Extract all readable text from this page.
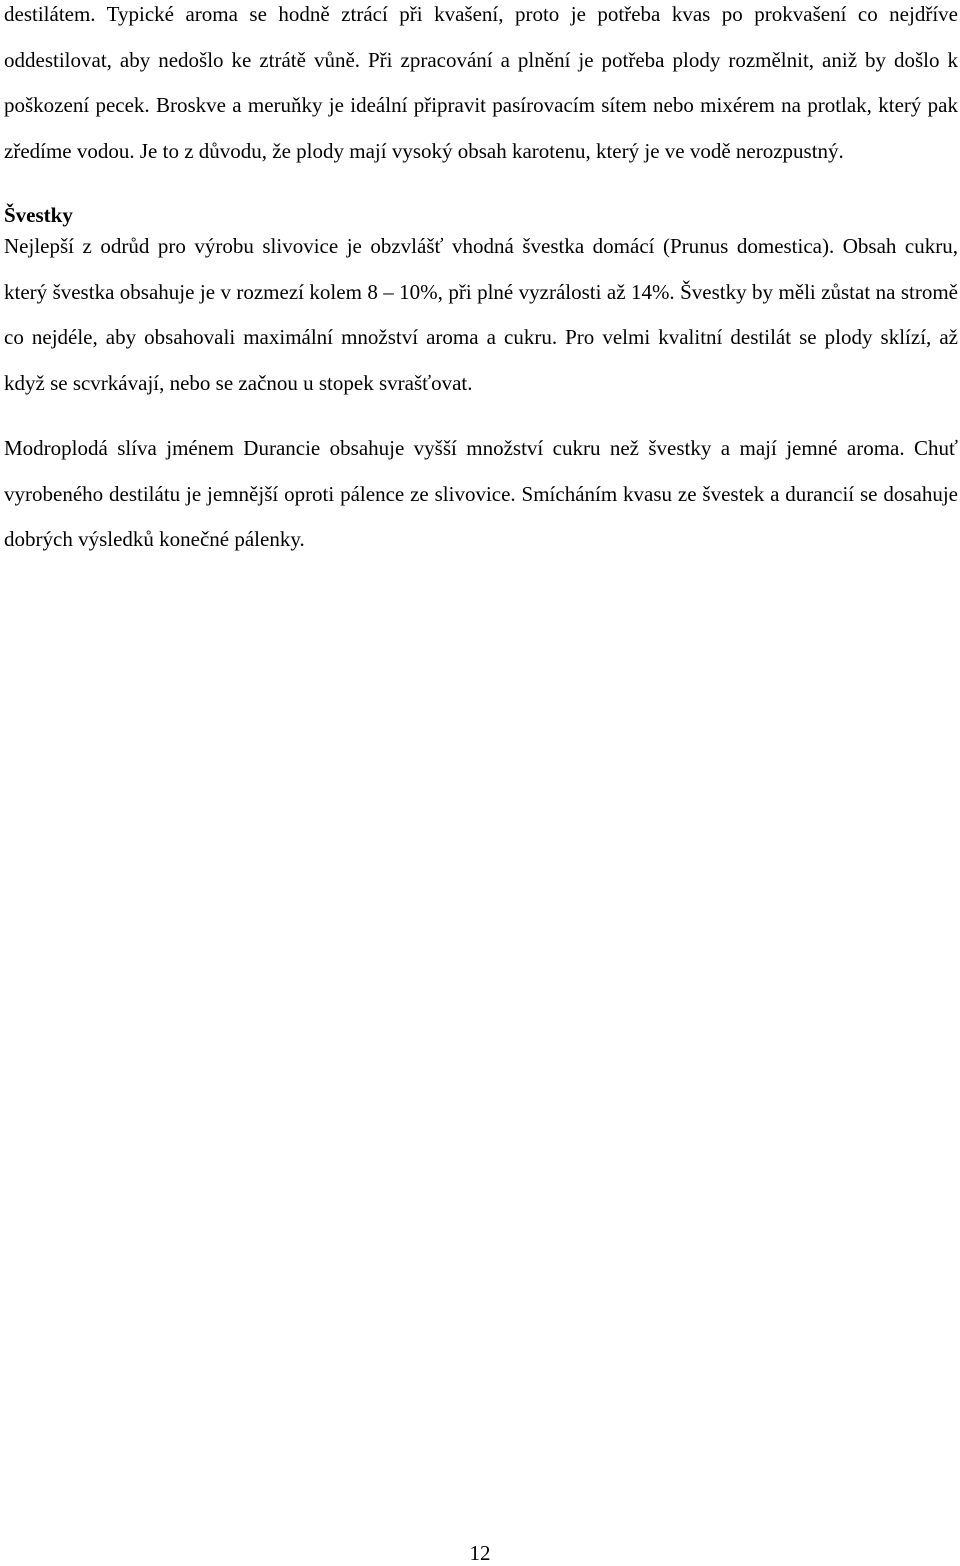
destilátem. Typické aroma se hodně ztrácí při kvašení, proto je potřeba kvas po prokvašení co nejdříve oddestilovat, aby nedošlo ke ztrátě vůně. Při zpracování a plnění je potřeba plody rozmělnit, aniž by došlo k poškození pecek. Broskve a meruňky je ideální připravit pasírovacím sítem nebo mixérem na protlak, který pak zředíme vodou. Je to z důvodu, že plody mají vysoký obsah karotenu, který je ve vodě nerozpustný.

Švestky

Nejlepší z odrůd pro výrobu slivovice je obzvlášť vhodná švestka domácí (Prunus domestica). Obsah cukru, který švestka obsahuje je v rozmezí kolem 8 – 10%, při plné vyzrálosti až 14%. Švestky by měli zůstat na stromě co nejdéle, aby obsahovali maximální množství aroma a cukru. Pro velmi kvalitní destilát se plody sklízí, až když se scvrkávají, nebo se začnou u stopek svrašťovat.

Modroplodá slíva jménem Durancie obsahuje vyšší množství cukru než švestky a mají jemné aroma. Chuť vyrobeného destilátu je jemnější oproti pálence ze slivovice. Smícháním kvasu ze švestek a durancií se dosahuje dobrých výsledků konečné pálenky.

12
